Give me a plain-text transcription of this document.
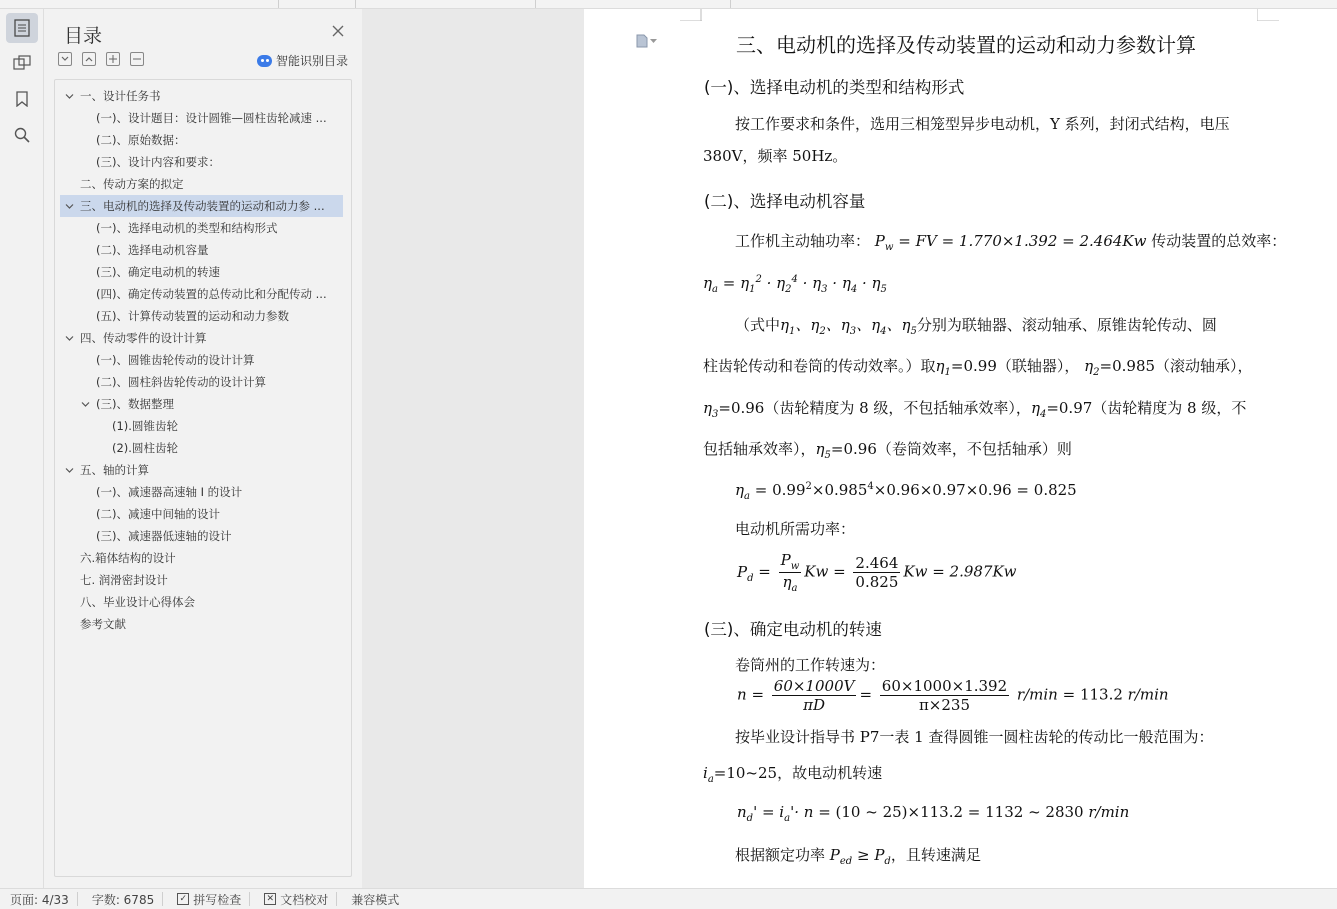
目录
智能识别目录
一、设计任务书
(一)、设计题目：设计圆锥—圆柱齿轮减速 ...
(二)、原始数据：
(三)、设计内容和要求：
二、传动方案的拟定
三、电动机的选择及传动装置的运动和动力参 ...
(一)、选择电动机的类型和结构形式
(二)、选择电动机容量
(三)、确定电动机的转速
(四)、确定传动装置的总传动比和分配传动 ...
(五)、计算传动装置的运动和动力参数
四、传动零件的设计计算
(一)、圆锥齿轮传动的设计计算
(二)、圆柱斜齿轮传动的设计计算
(三)、数据整理
(1).圆锥齿轮
(2).圆柱齿轮
五、轴的计算
(一)、减速器高速轴 I 的设计
(二)、减速中间轴的设计
(三)、减速器低速轴的设计
六.箱体结构的设计
七. 润滑密封设计
八、毕业设计心得体会
参考文献
三、电动机的选择及传动装置的运动和动力参数计算
(一)、选择电动机的类型和结构形式
按工作要求和条件，选用三相笼型异步电动机，Y 系列，封闭式结构，电压
380V，频率 50Hz。
(二)、选择电动机容量
工作机主动轴功率： $P_w$ = FV = 1.770×1.392 = 2.464Kw 传动装置的总效率：
$\eta_a = \eta_1^2 \cdot \eta_2^4 \cdot \eta_3 \cdot \eta_4 \cdot \eta_5$
（式中$\eta_1$、$\eta_2$、$\eta_3$、$\eta_4$、$\eta_5$分别为联轴器、滚动轴承、原锥齿轮传动、圆
柱齿轮传动和卷筒的传动效率。）取$\eta_1=0.99$（联轴器）， $\eta_2=0.985$（滚动轴承），
$\eta_3=0.96$（齿轮精度为 8 级，不包括轴承效率），$\eta_4=0.97$（齿轮精度为 8 级，不
包括轴承效率），$\eta_5=0.96$（卷筒效率，不包括轴承）则
$\eta_a = 0.99^2\times 0.985^4\times 0.96\times 0.97\times 0.96 = 0.825$
电动机所需功率：
$P_d = \frac{P_w}{\eta_a}$ $Kw = \frac{2.464}{0.825}$ Kw = 2.987Kw
(三)、确定电动机的转速
卷筒州的工作转速为：
$n = \frac{60\times 1000V}{\pi D} = \frac{60\times 1000\times 1.392}{\pi\times 235} r/\min = 113.2$ r/min
按毕业设计指导书 P7一表 1 查得圆锥一圆柱齿轮的传动比一般范围为：
$i_a=10\sim 25$，故电动机转速
$n_d' = i_a'\cdot n = (10$ ~ 25)×113.2 = 1132 ~ 2830 r/min
根据额定功率 $P_{ed} \ge P_d$，且转速满足
页面: 4/33 字数: 6785	✓ 拼写检查	✕ 文档校对 兼容模式
